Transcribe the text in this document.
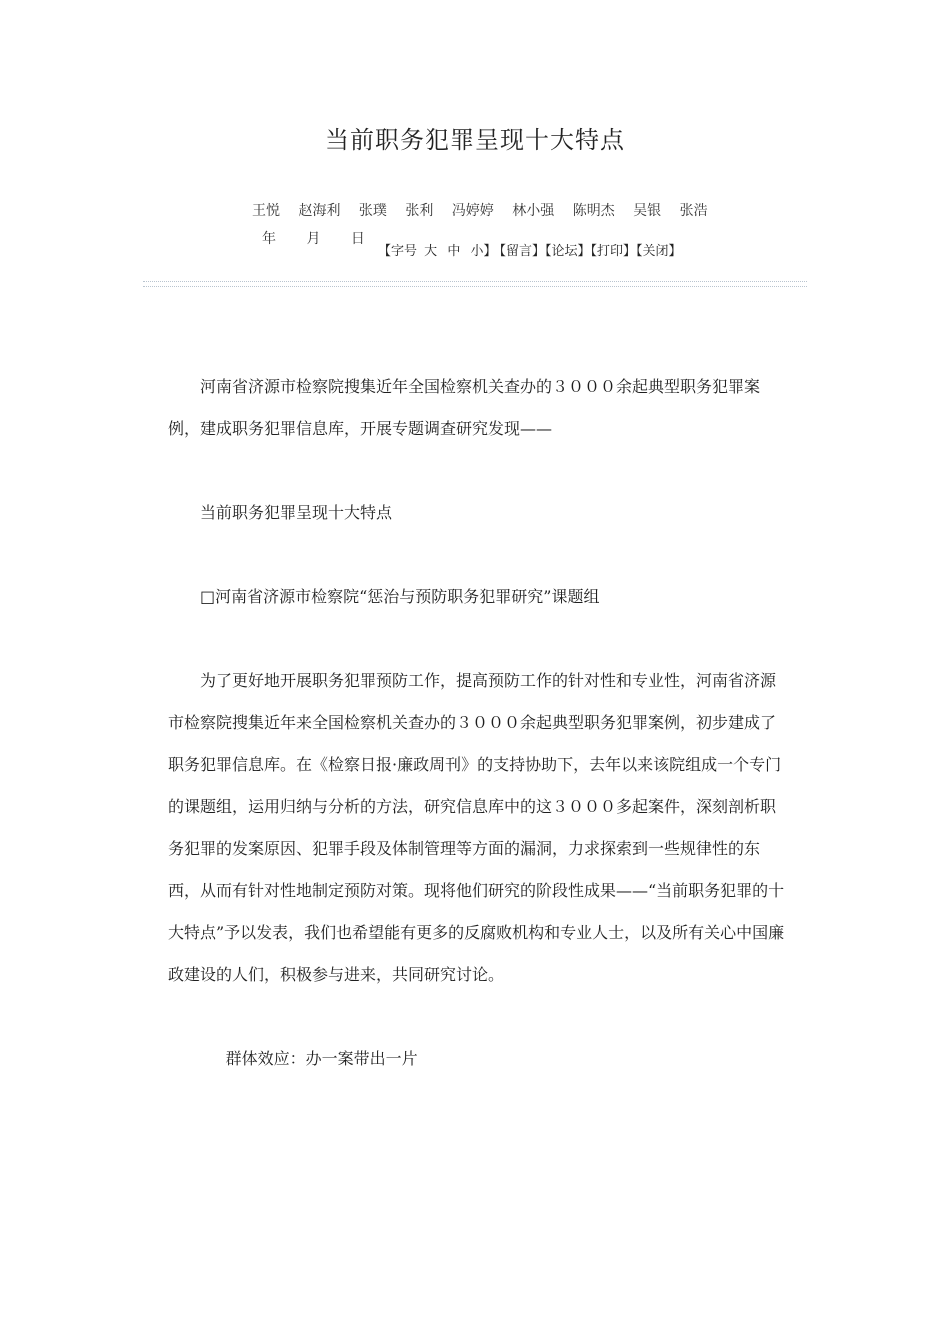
当前职务犯罪呈现十大特点
王悦 赵海利 张璞 张利 冯婷婷 林小强 陈明杰 吴银 张浩
年 月 日
【字号 大 中 小】 【留言】【论坛】【打印】【关闭】

河南省济源市检察院搜集近年全国检察机关查办的３０００余起典型职务犯罪案例，建成职务犯罪信息库，开展专题调查研究发现——

当前职务犯罪呈现十大特点

□河南省济源市检察院“惩治与预防职务犯罪研究”课题组

为了更好地开展职务犯罪预防工作，提高预防工作的针对性和专业性，河南省济源市检察院搜集近年来全国检察机关查办的３０００余起典型职务犯罪案例，初步建成了职务犯罪信息库。在《检察日报·廉政周刊》的支持协助下，去年以来该院组成一个专门的课题组，运用归纳与分析的方法，研究信息库中的这３０００多起案件，深刻剖析职务犯罪的发案原因、犯罪手段及体制管理等方面的漏洞，力求探索到一些规律性的东西，从而有针对性地制定预防对策。现将他们研究的阶段性成果——“当前职务犯罪的十大特点”予以发表，我们也希望能有更多的反腐败机构和专业人士，以及所有关心中国廉政建设的人们，积极参与进来，共同研究讨论。

群体效应：办一案带出一片
